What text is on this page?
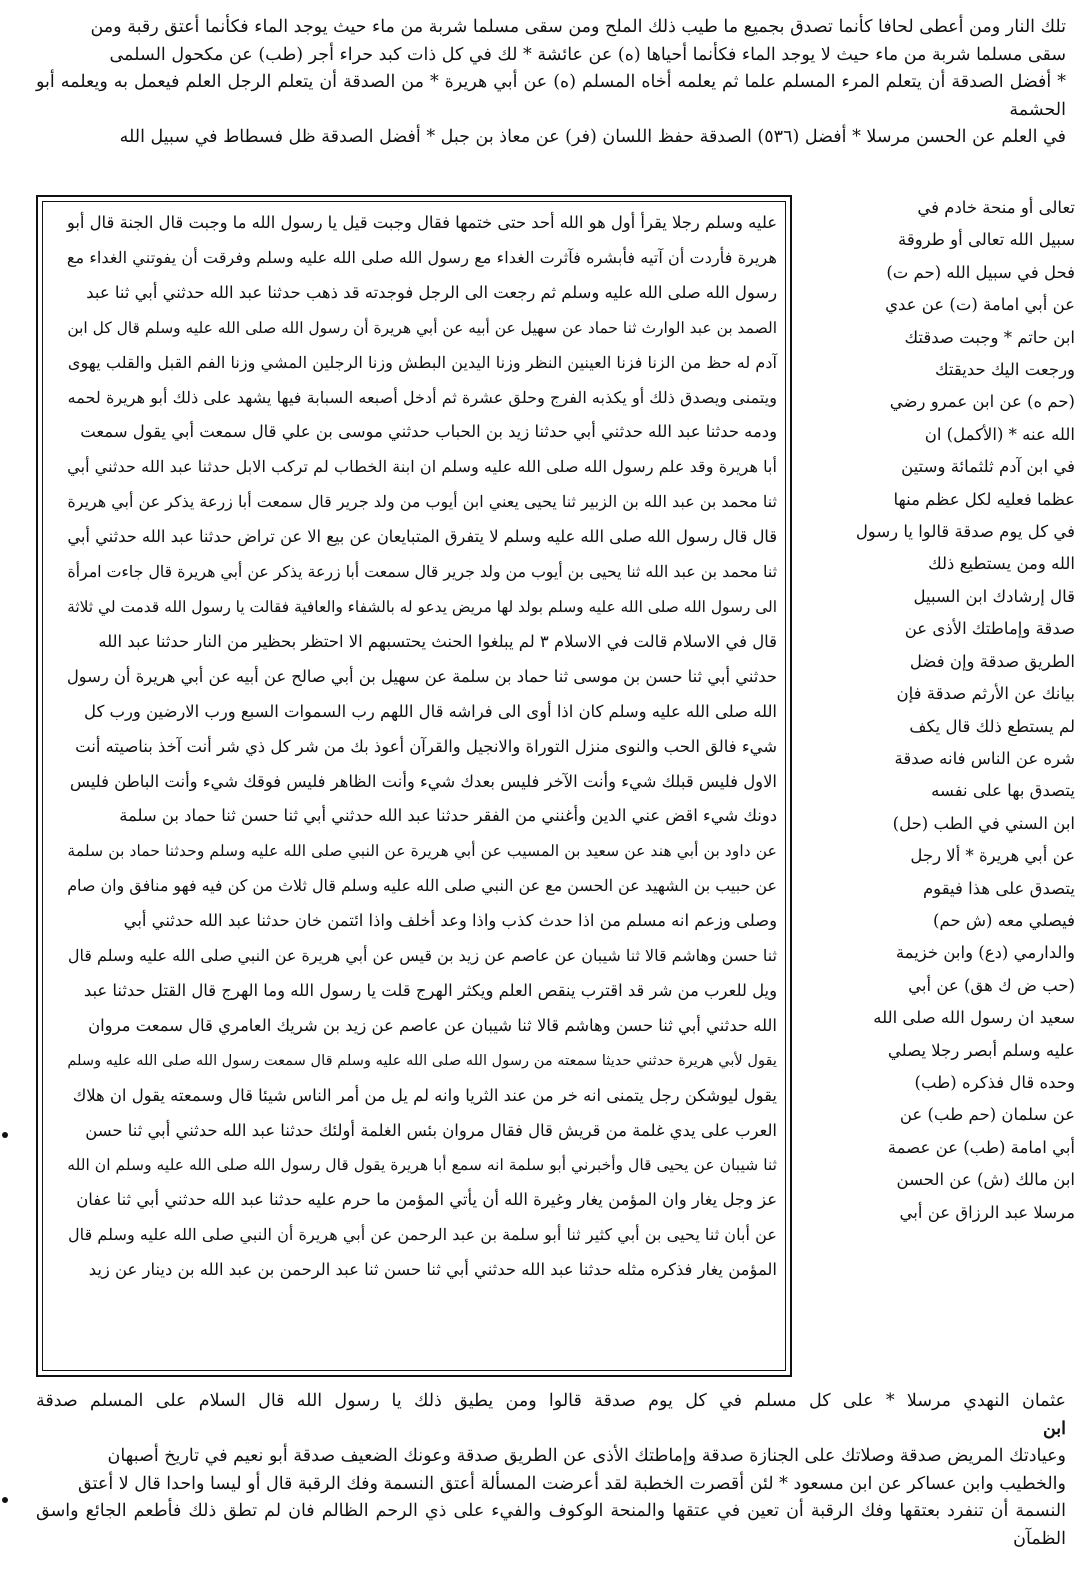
تلك النار ومن أعطى لحافا كأنما تصدق بجميع ما طيب ذلك الملح ومن سقى مسلما شربة من ماء حيث يوجد الماء فكأنما أعتق رقبة ومن

سقى مسلما شربة من ماء حيث لا يوجد الماء فكأنما أحياها (ه) عن عائشة * لك في كل ذات كبد حراء أجر (طب) عن مكحول السلمى

* أفضل الصدقة أن يتعلم المرء المسلم علما ثم يعلمه أخاه المسلم (ه) عن أبي هريرة * من الصدقة أن يتعلم الرجل العلم فيعمل به ويعلمه أبو الحشمة

في العلم عن الحسن مرسلا * أفضل (٥٣٦) الصدقة حفظ اللسان (فر) عن معاذ بن جبل * أفضل الصدقة ظل فسطاط في سبيل الله

تعالى أو منحة خادم في

سبيل الله تعالى أو طروقة

فحل في سبيل الله (حم ت)

عن أبي امامة (ت) عن عدي

ابن حاتم * وجبت صدقتك

ورجعت اليك حديقتك

(حم ه) عن ابن عمرو رضي

الله عنه * (الأكمل) ان

في ابن آدم ثلثمائة وستين

عظما فعليه لكل عظم منها

في كل يوم صدقة قالوا يا رسول

الله ومن يستطيع ذلك

قال إرشادك ابن السبيل

صدقة وإماطتك الأذى عن

الطريق صدقة وإن فضل

بيانك عن الأرثم صدقة فإن

لم يستطع ذلك قال يكف

شره عن الناس فانه صدقة

يتصدق بها على نفسه

ابن السني في الطب (حل)

عن أبي هريرة * ألا رجل

يتصدق على هذا فيقوم

فيصلي معه (ش حم)

والدارمي (دع) وابن خزيمة

(حب ض ك هق) عن أبي

سعيد ان رسول الله صلى الله

عليه وسلم أبصر رجلا يصلي

وحده قال فذكره (طب)

عن سلمان (حم طب) عن

أبي امامة (طب) عن عصمة

ابن مالك (ش) عن الحسن

مرسلا عبد الرزاق عن أبي

عليه وسلم رجلا يقرأ أول هو الله أحد حتى ختمها فقال وجبت قيل يا رسول الله ما وجبت قال الجنة قال أبو

هريرة فأردت أن آتيه فأبشره فآثرت الغداء مع رسول الله صلى الله عليه وسلم وفرقت أن يفوتني الغداء مع

رسول الله صلى الله عليه وسلم ثم رجعت الى الرجل فوجدته قد ذهب حدثنا عبد الله حدثني أبي ثنا عبد

الصمد بن عبد الوارث ثنا حماد عن سهيل عن أبيه عن أبي هريرة أن رسول الله صلى الله عليه وسلم قال كل ابن

آدم له حظ من الزنا فزنا العينين النظر وزنا اليدين البطش وزنا الرجلين المشي وزنا الفم القبل والقلب يهوى

ويتمنى ويصدق ذلك أو يكذبه الفرج وحلق عشرة ثم أدخل أصبعه السبابة فيها يشهد على ذلك أبو هريرة لحمه

ودمه حدثنا عبد الله حدثني أبي حدثنا زيد بن الحباب حدثني موسى بن علي قال سمعت أبي يقول سمعت

أبا هريرة وقد علم رسول الله صلى الله عليه وسلم ان ابنة الخطاب لم تركب الابل حدثنا عبد الله حدثني أبي

ثنا محمد بن عبد الله بن الزبير ثنا يحيى يعني ابن أيوب من ولد جرير قال سمعت أبا زرعة يذكر عن أبي هريرة

قال قال رسول الله صلى الله عليه وسلم لا يتفرق المتبايعان عن بيع الا عن تراض حدثنا عبد الله حدثني أبي

ثنا محمد بن عبد الله ثنا يحيى بن أيوب من ولد جرير قال سمعت أبا زرعة يذكر عن أبي هريرة قال جاءت امرأة

الى رسول الله صلى الله عليه وسلم بولد لها مريض يدعو له بالشفاء والعافية فقالت يا رسول الله قدمت لي ثلاثة

قال في الاسلام قالت في الاسلام ٣ لم يبلغوا الحنث يحتسبهم الا احتظر بحظير من النار حدثنا عبد الله

حدثني أبي ثنا حسن بن موسى ثنا حماد بن سلمة عن سهيل بن أبي صالح عن أبيه عن أبي هريرة أن رسول

الله صلى الله عليه وسلم كان اذا أوى الى فراشه قال اللهم رب السموات السبع ورب الارضين ورب كل

شيء فالق الحب والنوى منزل التوراة والانجيل والقرآن أعوذ بك من شر كل ذي شر أنت آخذ بناصيته أنت

الاول فليس قبلك شيء وأنت الآخر فليس بعدك شيء وأنت الظاهر فليس فوقك شيء وأنت الباطن فليس

دونك شيء اقض عني الدين وأغنني من الفقر حدثنا عبد الله حدثني أبي ثنا حسن ثنا حماد بن سلمة

عن داود بن أبي هند عن سعيد بن المسيب عن أبي هريرة عن النبي صلى الله عليه وسلم وحدثنا حماد بن سلمة

عن حبيب بن الشهيد عن الحسن مع عن النبي صلى الله عليه وسلم قال ثلاث من كن فيه فهو منافق وان صام

وصلى وزعم انه مسلم من اذا حدث كذب واذا وعد أخلف واذا ائتمن خان حدثنا عبد الله حدثني أبي

ثنا حسن وهاشم قالا ثنا شيبان عن عاصم عن زيد بن قيس عن أبي هريرة عن النبي صلى الله عليه وسلم قال

ويل للعرب من شر قد اقترب ينقص العلم ويكثر الهرج قلت يا رسول الله وما الهرج قال القتل حدثنا عبد

الله حدثني أبي ثنا حسن وهاشم قالا ثنا شيبان عن عاصم عن زيد بن شريك العامري قال سمعت مروان

يقول لأبي هريرة حدثني حديثا سمعته من رسول الله صلى الله عليه وسلم قال سمعت رسول الله صلى الله عليه وسلم

يقول ليوشكن رجل يتمنى انه خر من عند الثريا وانه لم يل من أمر الناس شيئا قال وسمعته يقول ان هلاك

العرب على يدي غلمة من قريش قال فقال مروان بئس الغلمة أولئك حدثنا عبد الله حدثني أبي ثنا حسن

ثنا شيبان عن يحيى قال وأخبرني أبو سلمة انه سمع أبا هريرة يقول قال رسول الله صلى الله عليه وسلم ان الله

عز وجل يغار وان المؤمن يغار وغيرة الله أن يأتي المؤمن ما حرم عليه حدثنا عبد الله حدثني أبي ثنا عفان

عن أبان ثنا يحيى بن أبي كثير ثنا أبو سلمة بن عبد الرحمن عن أبي هريرة أن النبي صلى الله عليه وسلم قال

المؤمن يغار فذكره مثله حدثنا عبد الله حدثني أبي ثنا حسن ثنا عبد الرحمن بن عبد الله بن دينار عن زيد

عثمان النهدي مرسلا * على كل مسلم في كل يوم صدقة قالوا ومن يطيق ذلك يا رسول الله قال السلام على المسلم صدقةابن

وعيادتك المريض صدقة وصلاتك على الجنازة صدقة وإماطتك الأذى عن الطريق صدقة وعونك الضعيف صدقة أبو نعيم في تاريخ أصبهان

والخطيب وابن عساكر عن ابن مسعود * لئن أقصرت الخطبة لقد أعرضت المسألة أعتق النسمة وفك الرقبة قال أو ليسا واحدا قال لا أعتق

النسمة أن تنفرد بعتقها وفك الرقبة أن تعين في عتقها والمنحة الوكوف والفيء على ذي الرحم الظالم فان لم تطق ذلك فأطعم الجائع واسق الظمآن
